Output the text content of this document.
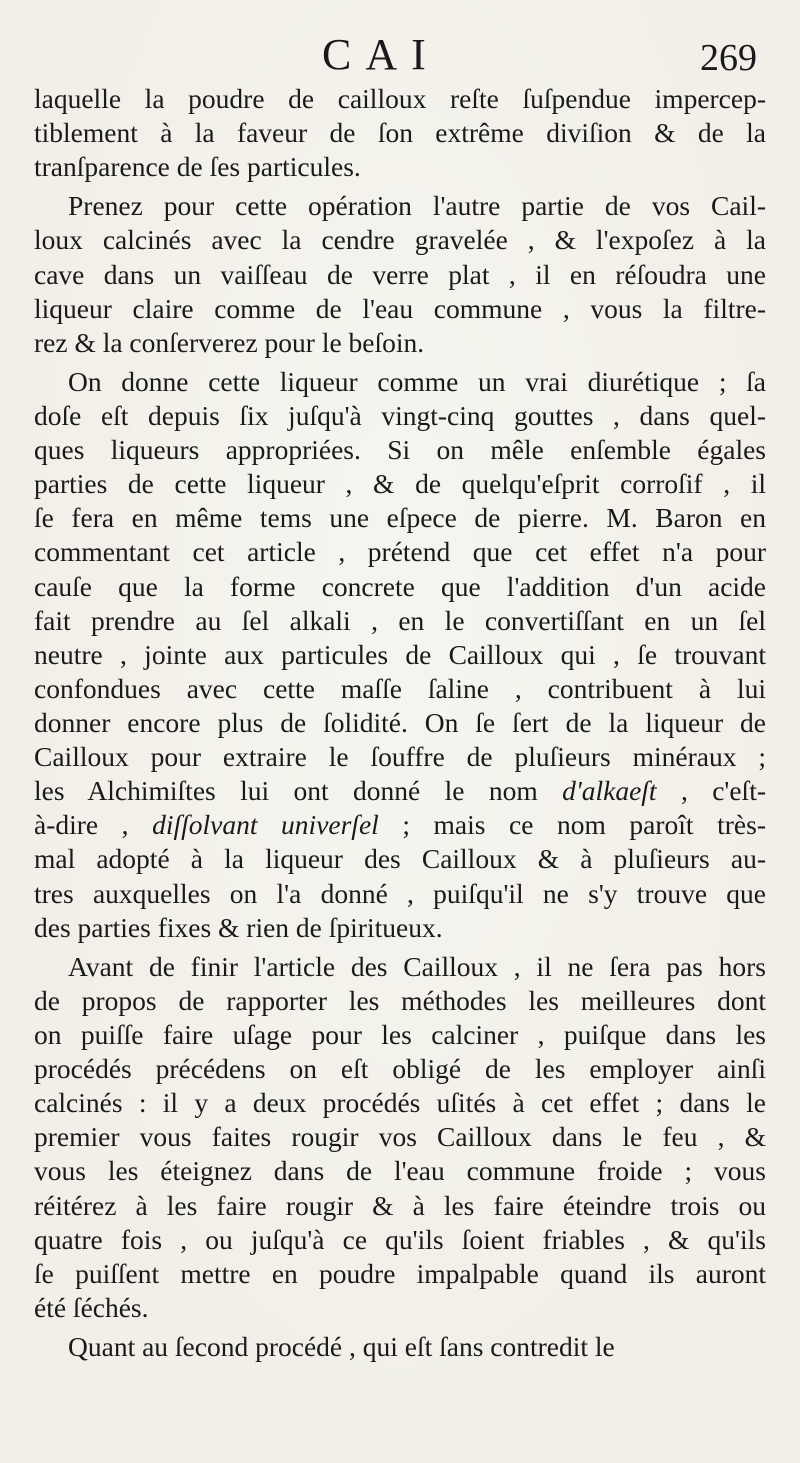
CAI	269
laquelle la poudre de cailloux reſte ſuſpendue impercep-
tiblement à la faveur de ſon extrême diviſion & de la
tranſparence de ſes particules.
Prenez pour cette opération l'autre partie de vos Cail-
loux calcinés avec la cendre gravelée , & l'expoſez à la
cave dans un vaiſſeau de verre plat , il en réſoudra une
liqueur claire comme de l'eau commune , vous la filtre-
rez & la conſerverez pour le beſoin.
On donne cette liqueur comme un vrai diurétique ; ſa
doſe eſt depuis ſix juſqu'à vingt-cinq gouttes , dans quel-
ques liqueurs appropriées. Si on mêle enſemble égales
parties de cette liqueur , & de quelqu'eſprit corroſif , il
ſe fera en même tems une eſpece de pierre. M. Baron en
commentant cet article , prétend que cet effet n'a pour
cauſe que la forme concrete que l'addition d'un acide
fait prendre au ſel alkali , en le convertiſſant en un ſel
neutre , jointe aux particules de Cailloux qui , ſe trouvant
confondues avec cette maſſe ſaline , contribuent à lui
donner encore plus de ſolidité. On ſe ſert de la liqueur de
Cailloux pour extraire le ſouffre de pluſieurs minéraux ;
les Alchimiſtes lui ont donné le nom d'alkaeſt , c'eſt-
à-dire , diſſolvant univerſel ; mais ce nom paroît très-
mal adopté à la liqueur des Cailloux & à pluſieurs au-
tres auxquelles on l'a donné , puiſqu'il ne s'y trouve que
des parties fixes & rien de ſpiritueux.
Avant de finir l'article des Cailloux , il ne ſera pas hors
de propos de rapporter les méthodes les meilleures dont
on puiſſe faire uſage pour les calciner , puiſque dans les
procédés précédens on eſt obligé de les employer ainſi
calcinés : il y a deux procédés uſités à cet effet ; dans le
premier vous faites rougir vos Cailloux dans le feu , &
vous les éteignez dans de l'eau commune froide ; vous
réitérez à les faire rougir & à les faire éteindre trois ou
quatre fois , ou juſqu'à ce qu'ils ſoient friables , & qu'ils
ſe puiſſent mettre en poudre impalpable quand ils auront
été ſéchés.
Quant au ſecond procédé , qui eſt ſans contredit le
